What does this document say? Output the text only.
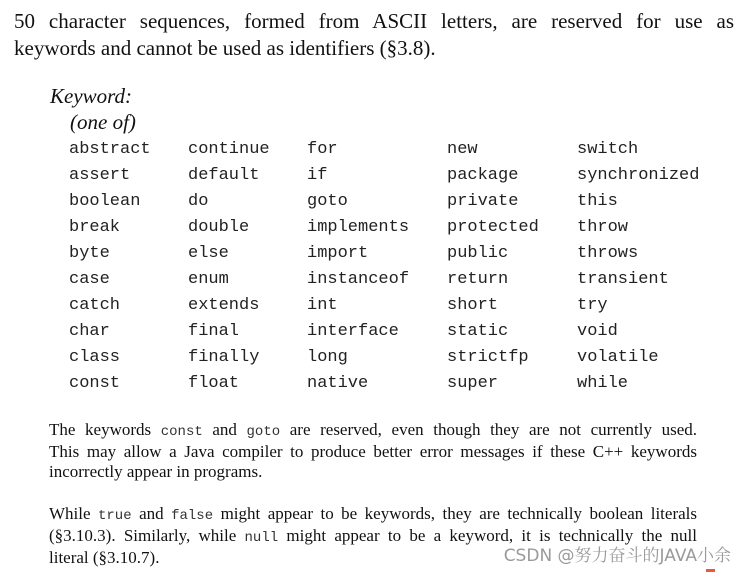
50 character sequences, formed from ASCII letters, are reserved for use as
keywords and cannot be used as identifiers (§3.8).
Keyword:
(one of)
abstract
assert
boolean
break
byte
case
catch
char
class
const
continue
default
do
double
else
enum
extends
final
finally
float
for
if
goto
implements
import
instanceof
int
interface
long
native
new
package
private
protected
public
return
short
static
strictfp
super
switch
synchronized
this
throw
throws
transient
try
void
volatile
while
The keywords const and goto are reserved, even though they are not currently used.
This may allow a Java compiler to produce better error messages if these C++ keywords
incorrectly appear in programs.
While true and false might appear to be keywords, they are technically boolean literals
(§3.10.3). Similarly, while null might appear to be a keyword, it is technically the null
literal (§3.10.7).	CSDN @努力奋斗的JAVA小余
